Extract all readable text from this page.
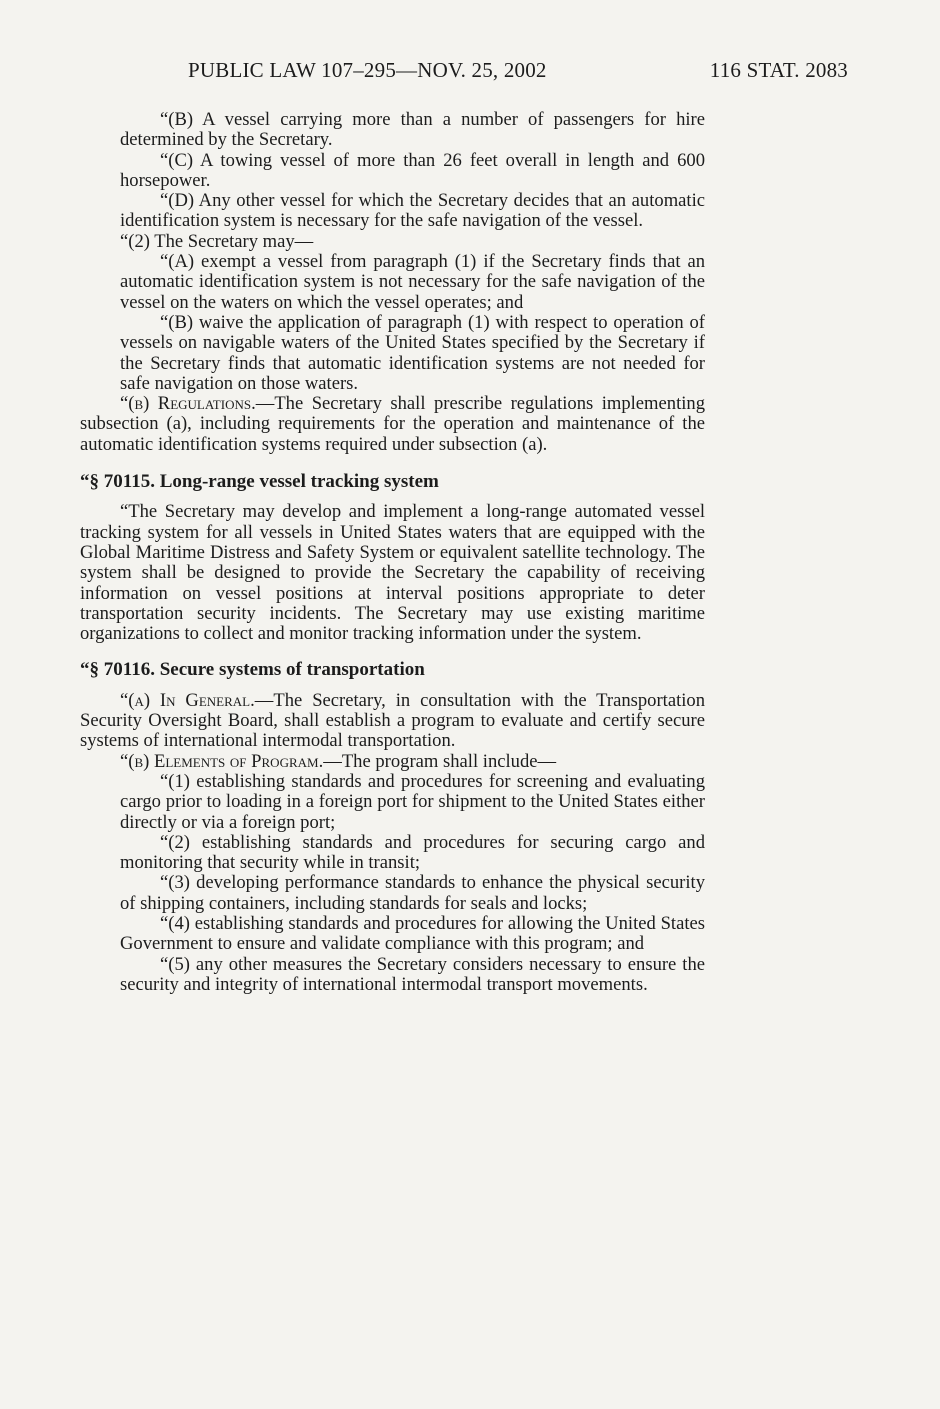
PUBLIC LAW 107–295—NOV. 25, 2002	116 STAT. 2083

“(B) A vessel carrying more than a number of passengers for hire determined by the Secretary.

“(C) A towing vessel of more than 26 feet overall in length and 600 horsepower.

“(D) Any other vessel for which the Secretary decides that an automatic identification system is necessary for the safe navigation of the vessel.

“(2) The Secretary may—

“(A) exempt a vessel from paragraph (1) if the Secretary finds that an automatic identification system is not necessary for the safe navigation of the vessel on the waters on which the vessel operates; and

“(B) waive the application of paragraph (1) with respect to operation of vessels on navigable waters of the United States specified by the Secretary if the Secretary finds that automatic identification systems are not needed for safe navigation on those waters.

“(b) Regulations.—The Secretary shall prescribe regulations implementing subsection (a), including requirements for the operation and maintenance of the automatic identification systems required under subsection (a).

“§ 70115. Long-range vessel tracking system

“The Secretary may develop and implement a long-range automated vessel tracking system for all vessels in United States waters that are equipped with the Global Maritime Distress and Safety System or equivalent satellite technology. The system shall be designed to provide the Secretary the capability of receiving information on vessel positions at interval positions appropriate to deter transportation security incidents. The Secretary may use existing maritime organizations to collect and monitor tracking information under the system.

“§ 70116. Secure systems of transportation

“(a) In General.—The Secretary, in consultation with the Transportation Security Oversight Board, shall establish a program to evaluate and certify secure systems of international intermodal transportation.

“(b) Elements of Program.—The program shall include—

“(1) establishing standards and procedures for screening and evaluating cargo prior to loading in a foreign port for shipment to the United States either directly or via a foreign port;

“(2) establishing standards and procedures for securing cargo and monitoring that security while in transit;

“(3) developing performance standards to enhance the physical security of shipping containers, including standards for seals and locks;

“(4) establishing standards and procedures for allowing the United States Government to ensure and validate compliance with this program; and

“(5) any other measures the Secretary considers necessary to ensure the security and integrity of international intermodal transport movements.
